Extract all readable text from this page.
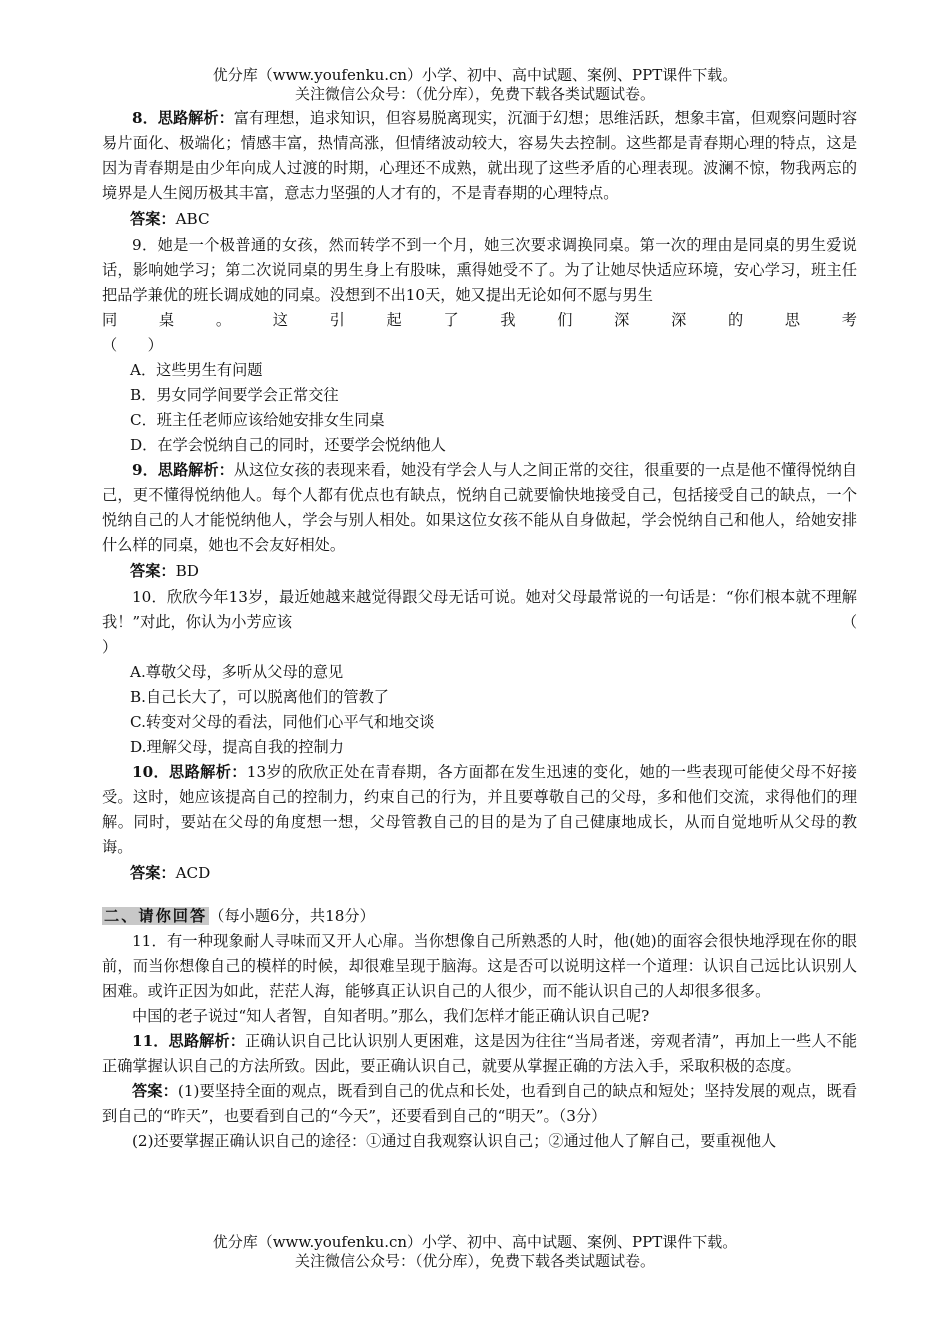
优分库（www.youfenku.cn）小学、初中、高中试题、案例、PPT课件下载。
关注微信公众号：（优分库），免费下载各类试题试卷。

8．思路解析：富有理想，追求知识，但容易脱离现实，沉湎于幻想；思维活跃，想象丰富，但观察问题时容易片面化、极端化；情感丰富，热情高涨，但情绪波动较大，容易失去控制。这些都是青春期心理的特点，这是因为青春期是由少年向成人过渡的时期，心理还不成熟，就出现了这些矛盾的心理表现。波澜不惊，物我两忘的境界是人生阅历极其丰富，意志力坚强的人才有的，不是青春期的心理特点。

答案：ABC

9．她是一个极普通的女孩，然而转学不到一个月，她三次要求调换同桌。第一次的理由是同桌的男生爱说话，影响她学习；第二次说同桌的男生身上有股味，熏得她受不了。为了让她尽快适应环境，安心学习，班主任把品学兼优的班长调成她的同桌。没想到不出10天，她又提出无论如何不愿与男生

同	桌	。	这	引	起	了	我	们	深	深	的	思	考

（　　）

A．这些男生有问题

B．男女同学间要学会正常交往

C．班主任老师应该给她安排女生同桌

D．在学会悦纳自己的同时，还要学会悦纳他人

9．思路解析：从这位女孩的表现来看，她没有学会人与人之间正常的交往，很重要的一点是他不懂得悦纳自己，更不懂得悦纳他人。每个人都有优点也有缺点，悦纳自己就要愉快地接受自己，包括接受自己的缺点，一个悦纳自己的人才能悦纳他人，学会与别人相处。如果这位女孩不能从自身做起，学会悦纳自己和他人，给她安排什么样的同桌，她也不会友好相处。

答案：BD

10．欣欣今年13岁，最近她越来越觉得跟父母无话可说。她对父母最常说的一句话是：“你们根本就不理解我！”对此，你认为小芳应该	（

）

A.尊敬父母，多听从父母的意见

B.自己长大了，可以脱离他们的管教了

C.转变对父母的看法，同他们心平气和地交谈

D.理解父母，提高自我的控制力

10．思路解析：13岁的欣欣正处在青春期，各方面都在发生迅速的变化，她的一些表现可能使父母不好接受。这时，她应该提高自己的控制力，约束自己的行为，并且要尊敬自己的父母，多和他们交流，求得他们的理解。同时，要站在父母的角度想一想，父母管教自己的目的是为了自己健康地成长，从而自觉地听从父母的教诲。

答案：ACD
二、请你回答 （每小题6分，共18分）

11．有一种现象耐人寻味而又开人心扉。当你想像自己所熟悉的人时，他(她)的面容会很快地浮现在你的眼前，而当你想像自己的模样的时候，却很难呈现于脑海。这是否可以说明这样一个道理：认识自己远比认识别人困难。或许正因为如此，茫茫人海，能够真正认识自己的人很少，而不能认识自己的人却很多很多。

中国的老子说过“知人者智，自知者明。”那么，我们怎样才能正确认识自己呢?

11．思路解析：正确认识自己比认识别人更困难，这是因为往往“当局者迷，旁观者清”，再加上一些人不能正确掌握认识自己的方法所致。因此，要正确认识自己，就要从掌握正确的方法入手，采取积极的态度。

答案：(1)要坚持全面的观点，既看到自己的优点和长处，也看到自己的缺点和短处；坚持发展的观点，既看到自己的“昨天”，也要看到自己的“今天”，还要看到自己的“明天”。（3分）

(2)还要掌握正确认识自己的途径：①通过自我观察认识自己；②通过他人了解自己，要重视他人

优分库（www.youfenku.cn）小学、初中、高中试题、案例、PPT课件下载。
关注微信公众号：（优分库），免费下载各类试题试卷。
